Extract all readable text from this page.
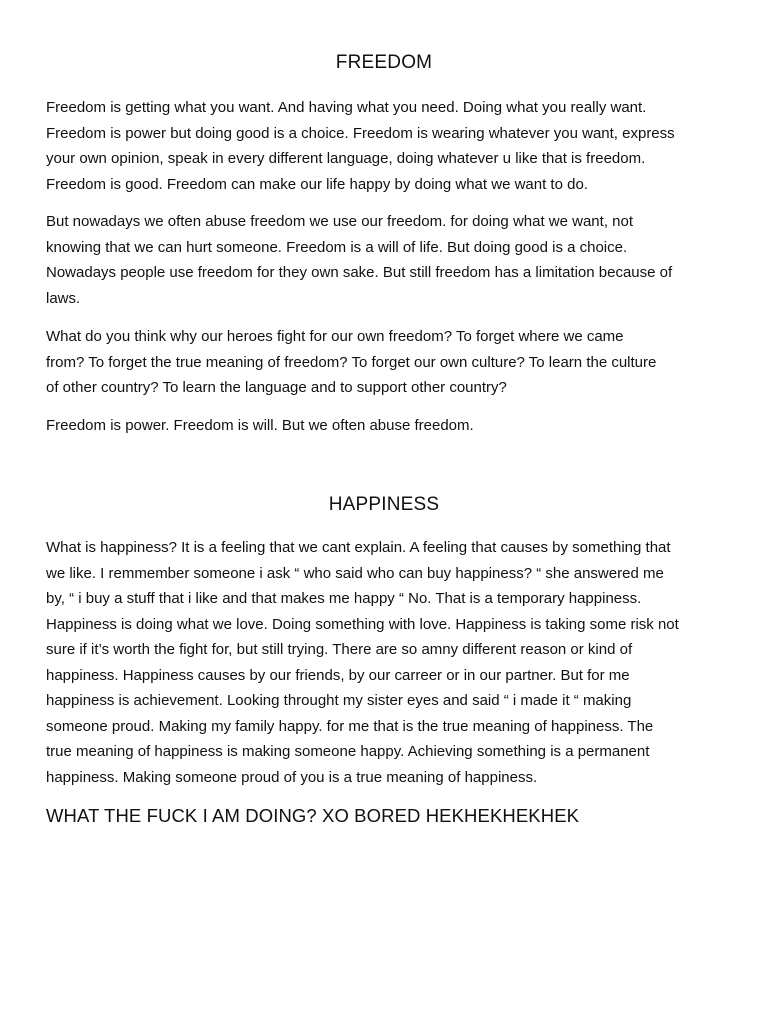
FREEDOM

Freedom is getting what you want. And having what you need. Doing what you really want.
Freedom is power but doing good is a choice. Freedom is wearing whatever you want, express
your own opinion, speak in every different language, doing whatever u like that is freedom.
Freedom is good. Freedom can make our life happy by doing what we want to do.

But nowadays we often abuse freedom we use our freedom. for doing what we want, not
knowing that we can hurt someone. Freedom is a will of life. But doing good is a choice.
Nowadays people use freedom for they own sake. But still freedom has a limitation because of
laws.

What do you think why our heroes fight for our own freedom? To forget where we came
from? To forget the true meaning of freedom? To forget our own culture? To learn the culture
of other country? To learn the language and to support other country?

Freedom is power. Freedom is will. But we often abuse freedom.

HAPPINESS

What is happiness? It is a feeling that we cant explain. A feeling that causes by something that
we like. I remmember someone i ask “ who said who can buy happiness? “ she answered me
by, “ i buy a stuff that i like and that makes me happy “ No. That is a temporary happiness.
Happiness is doing what we love. Doing something with love. Happiness is taking some risk not
sure if it’s worth the fight for, but still trying. There are so amny different reason or kind of
happiness. Happiness causes by our friends, by our carreer or in our partner. But for me
happiness is achievement. Looking throught my sister eyes and said “ i made it “ making
someone proud. Making my family happy. for me that is the true meaning of happiness. The
true meaning of happiness is making someone happy. Achieving something is a permanent
happiness. Making someone proud of you is a true meaning of happiness.

WHAT THE FUCK I AM DOING? XO BORED HEKHEKHEKHEK
